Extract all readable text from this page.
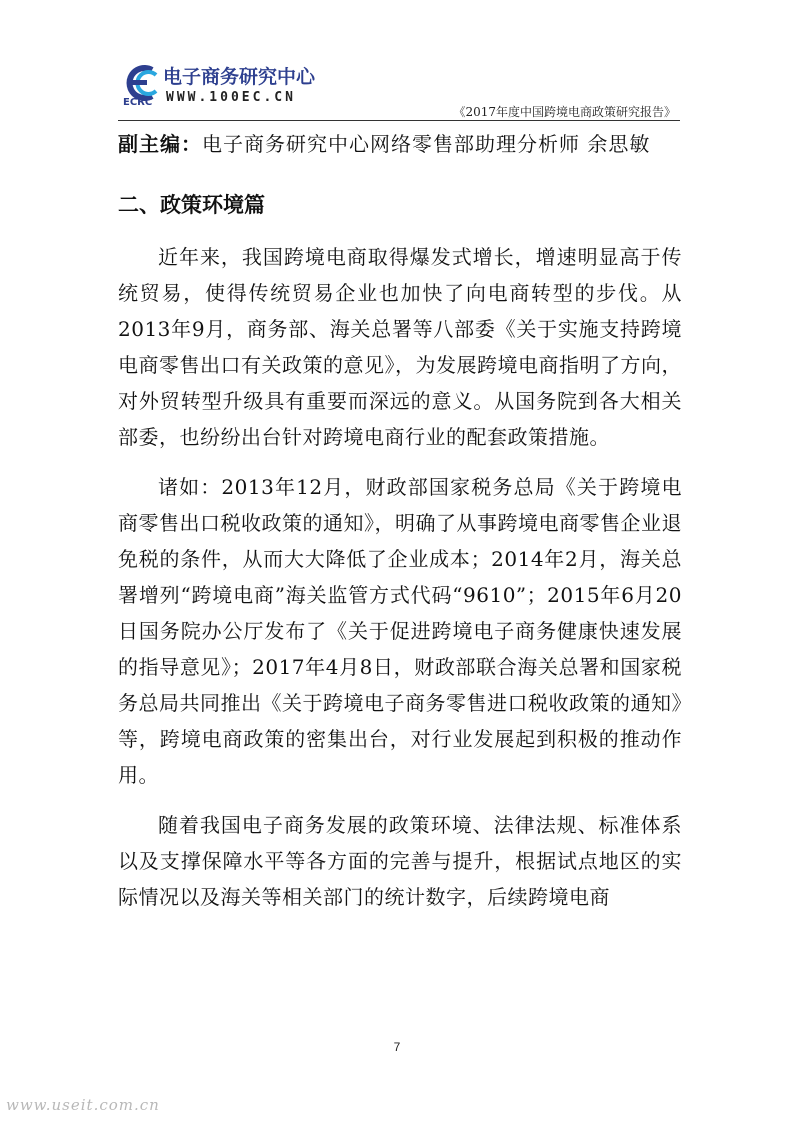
电子商务研究中心
ECRC WWW.100EC.CN
《2017年度中国跨境电商政策研究报告》

副主编：电子商务研究中心网络零售部助理分析师 余思敏

二、政策环境篇

近年来，我国跨境电商取得爆发式增长，增速明显高于传统贸易，使得传统贸易企业也加快了向电商转型的步伐。从2013年9月，商务部、海关总署等八部委《关于实施支持跨境电商零售出口有关政策的意见》，为发展跨境电商指明了方向，对外贸转型升级具有重要而深远的意义。从国务院到各大相关部委，也纷纷出台针对跨境电商行业的配套政策措施。

诸如：2013年12月，财政部国家税务总局《关于跨境电商零售出口税收政策的通知》，明确了从事跨境电商零售企业退免税的条件，从而大大降低了企业成本；2014年2月，海关总署增列“跨境电商”海关监管方式代码“9610”；2015年6月20日国务院办公厅发布了《关于促进跨境电子商务健康快速发展的指导意见》；2017年4月8日，财政部联合海关总署和国家税务总局共同推出《关于跨境电子商务零售进口税收政策的通知》等，跨境电商政策的密集出台，对行业发展起到积极的推动作用。

随着我国电子商务发展的政策环境、法律法规、标准体系以及支撑保障水平等各方面的完善与提升，根据试点地区的实际情况以及海关等相关部门的统计数字，后续跨境电商

7
www.useit.com.cn
